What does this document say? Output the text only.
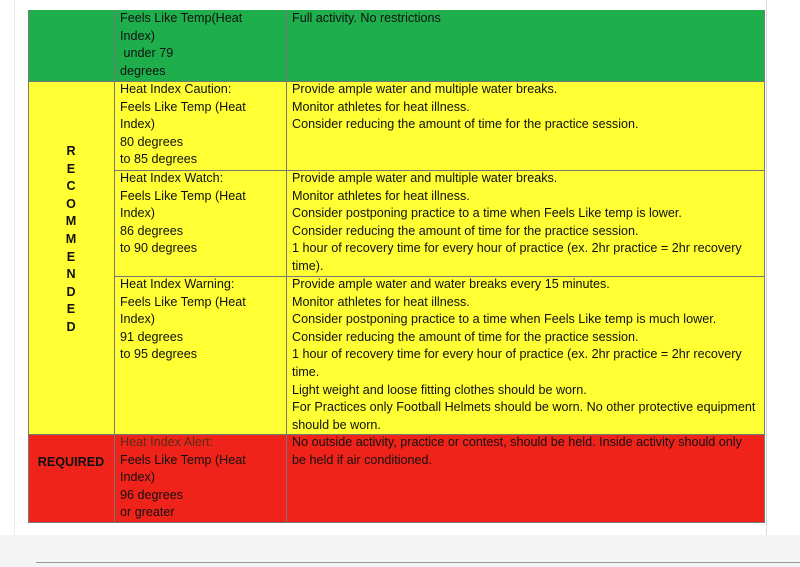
Feels Like Temp(Heat
Index)
under 79
degrees
Full activity. No restrictions
Heat Index Caution:
Feels Like Temp (Heat
Index)
80 degrees
to 85 degrees
Provide ample water and multiple water breaks.
Monitor athletes for heat illness.
Consider reducing the amount of time for the practice session.
Heat Index Watch:
Feels Like Temp (Heat
Index)
86 degrees
to 90 degrees
Provide ample water and multiple water breaks.
Monitor athletes for heat illness.
Consider postponing practice to a time when Feels Like temp is lower.
Consider reducing the amount of time for the practice session.
1 hour of recovery time for every hour of practice (ex. 2hr practice = 2hr recovery
time).
Heat Index Warning:
Feels Like Temp (Heat
Index)
91 degrees
to 95 degrees
Provide ample water and water breaks every 15 minutes.
Monitor athletes for heat illness.
Consider postponing practice to a time when Feels Like temp is much lower.
Consider reducing the amount of time for the practice session.
1 hour of recovery time for every hour of practice (ex. 2hr practice = 2hr recovery
time.
Light weight and loose fitting clothes should be worn.
For Practices only Football Helmets should be worn. No other protective equipment
should be worn.
R
E
C
O
M
M
E
N
D
E
D
REQUIRED
Heat Index Alert:
Feels Like Temp (Heat
Index)
96 degrees
or greater
No outside activity, practice or contest, should be held. Inside activity should only
be held if air conditioned.
